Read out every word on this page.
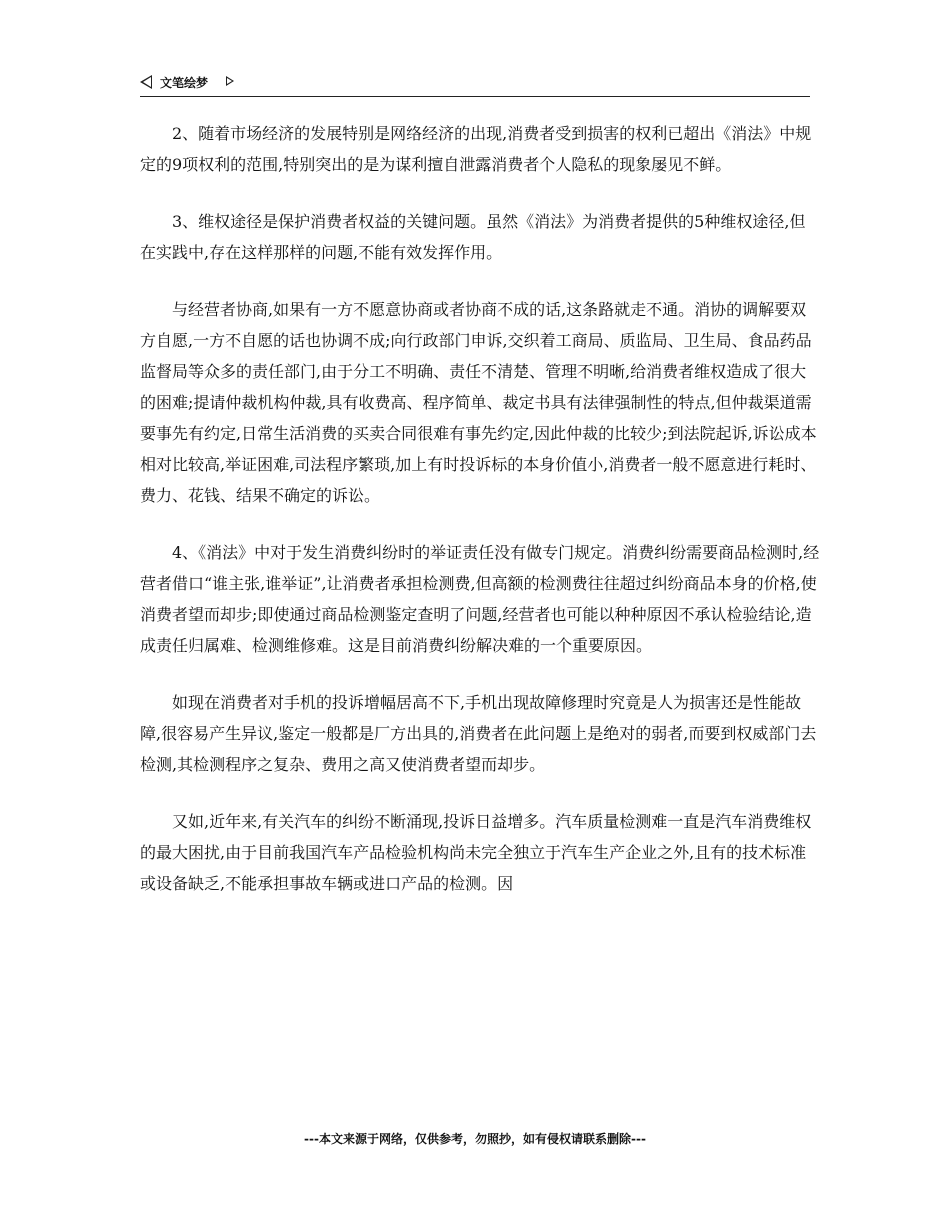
文笔绘梦

2、随着市场经济的发展特别是网络经济的出现,消费者受到损害的权利已超出《消法》中规定的9项权利的范围,特别突出的是为谋利擅自泄露消费者个人隐私的现象屡见不鲜。

3、维权途径是保护消费者权益的关键问题。虽然《消法》为消费者提供的5种维权途径,但在实践中,存在这样那样的问题,不能有效发挥作用。

与经营者协商,如果有一方不愿意协商或者协商不成的话,这条路就走不通。消协的调解要双方自愿,一方不自愿的话也协调不成;向行政部门申诉,交织着工商局、质监局、卫生局、食品药品监督局等众多的责任部门,由于分工不明确、责任不清楚、管理不明晰,给消费者维权造成了很大的困难;提请仲裁机构仲裁,具有收费高、程序简单、裁定书具有法律强制性的特点,但仲裁渠道需要事先有约定,日常生活消费的买卖合同很难有事先约定,因此仲裁的比较少;到法院起诉,诉讼成本相对比较高,举证困难,司法程序繁琐,加上有时投诉标的本身价值小,消费者一般不愿意进行耗时、费力、花钱、结果不确定的诉讼。

4、《消法》中对于发生消费纠纷时的举证责任没有做专门规定。消费纠纷需要商品检测时,经营者借口“谁主张,谁举证”,让消费者承担检测费,但高额的检测费往往超过纠纷商品本身的价格,使消费者望而却步;即使通过商品检测鉴定查明了问题,经营者也可能以种种原因不承认检验结论,造成责任归属难、检测维修难。这是目前消费纠纷解决难的一个重要原因。

如现在消费者对手机的投诉增幅居高不下,手机出现故障修理时究竟是人为损害还是性能故障,很容易产生异议,鉴定一般都是厂方出具的,消费者在此问题上是绝对的弱者,而要到权威部门去检测,其检测程序之复杂、费用之高又使消费者望而却步。

又如,近年来,有关汽车的纠纷不断涌现,投诉日益增多。汽车质量检测难一直是汽车消费维权的最大困扰,由于目前我国汽车产品检验机构尚未完全独立于汽车生产企业之外,且有的技术标准或设备缺乏,不能承担事故车辆或进口产品的检测。因

---本文来源于网络，仅供参考，勿照抄，如有侵权请联系删除---
